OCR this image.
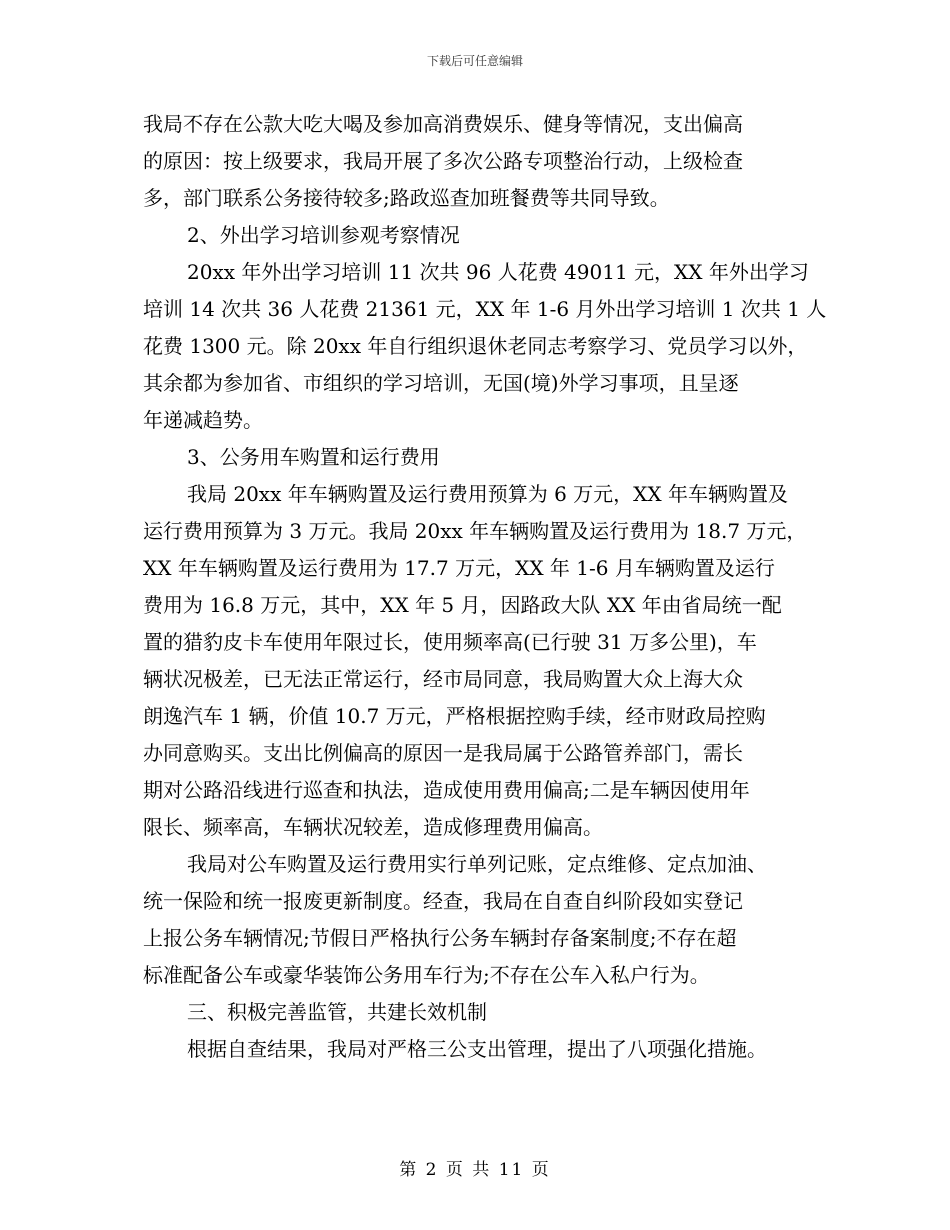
下载后可任意编辑
我局不存在公款大吃大喝及参加高消费娱乐、健身等情况，支出偏高
的原因：按上级要求，我局开展了多次公路专项整治行动，上级检查
多，部门联系公务接待较多;路政巡查加班餐费等共同导致。
2、外出学习培训参观考察情况
20xx 年外出学习培训 11 次共 96 人花费 49011 元，XX 年外出学习
培训 14 次共 36 人花费 21361 元，XX 年 1-6 月外出学习培训 1 次共 1 人
花费 1300 元。除 20xx 年自行组织退休老同志考察学习、党员学习以外，
其余都为参加省、市组织的学习培训，无国(境)外学习事项，且呈逐
年递减趋势。
3、公务用车购置和运行费用
我局 20xx 年车辆购置及运行费用预算为 6 万元，XX 年车辆购置及
运行费用预算为 3 万元。我局 20xx 年车辆购置及运行费用为 18.7 万元，
XX 年车辆购置及运行费用为 17.7 万元，XX 年 1-6 月车辆购置及运行
费用为 16.8 万元，其中，XX 年 5 月，因路政大队 XX 年由省局统一配
置的猎豹皮卡车使用年限过长，使用频率高(已行驶 31 万多公里)，车
辆状况极差，已无法正常运行，经市局同意，我局购置大众上海大众
朗逸汽车 1 辆，价值 10.7 万元，严格根据控购手续，经市财政局控购
办同意购买。支出比例偏高的原因一是我局属于公路管养部门，需长
期对公路沿线进行巡查和执法，造成使用费用偏高;二是车辆因使用年
限长、频率高，车辆状况较差，造成修理费用偏高。
我局对公车购置及运行费用实行单列记账，定点维修、定点加油、
统一保险和统一报废更新制度。经查，我局在自查自纠阶段如实登记
上报公务车辆情况;节假日严格执行公务车辆封存备案制度;不存在超
标准配备公车或豪华装饰公务用车行为;不存在公车入私户行为。
三、积极完善监管，共建长效机制
根据自查结果，我局对严格三公支出管理，提出了八项强化措施。
第 2 页 共 11 页
